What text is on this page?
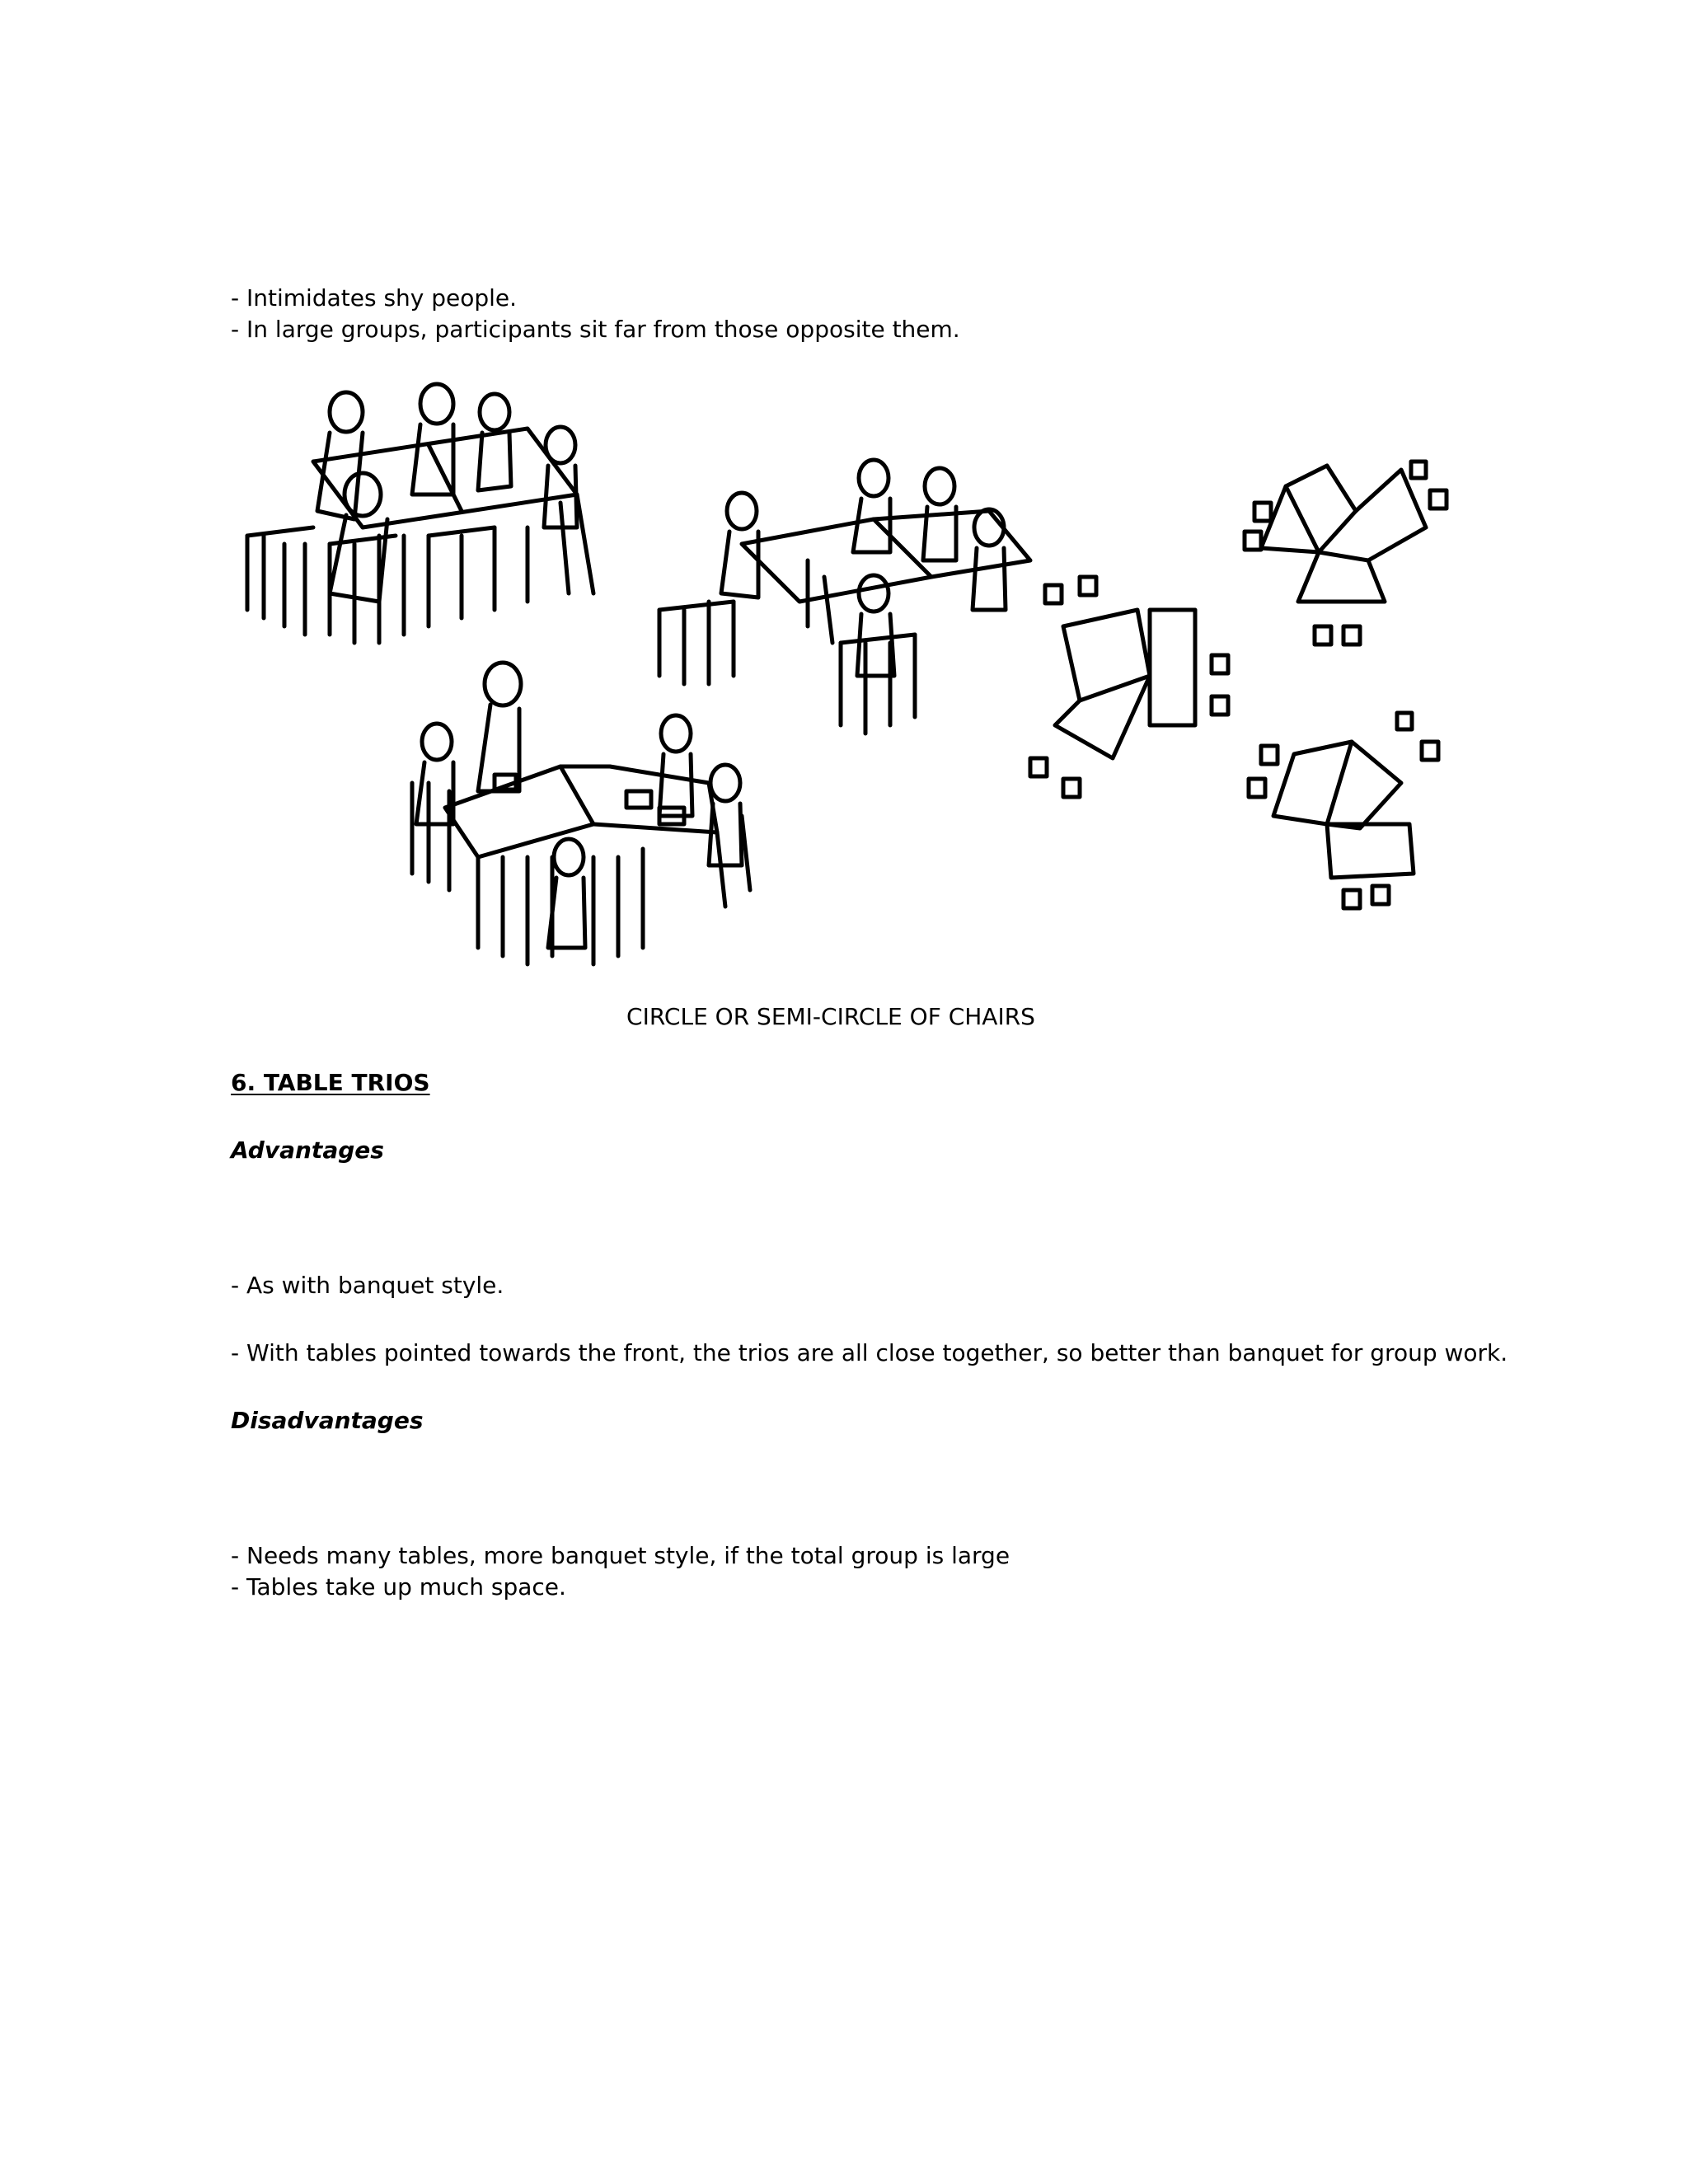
- Intimidates shy people.
- In large groups, participants sit far from those opposite them.
CIRCLE OR SEMI-CIRCLE OF CHAIRS
6. TABLE TRIOS
Advantages
- As with banquet style.
- With tables pointed towards the front, the trios are all close together, so better than banquet for group work.
Disadvantages
- Needs many tables, more banquet style, if the total group is large
- Tables take up much space.
